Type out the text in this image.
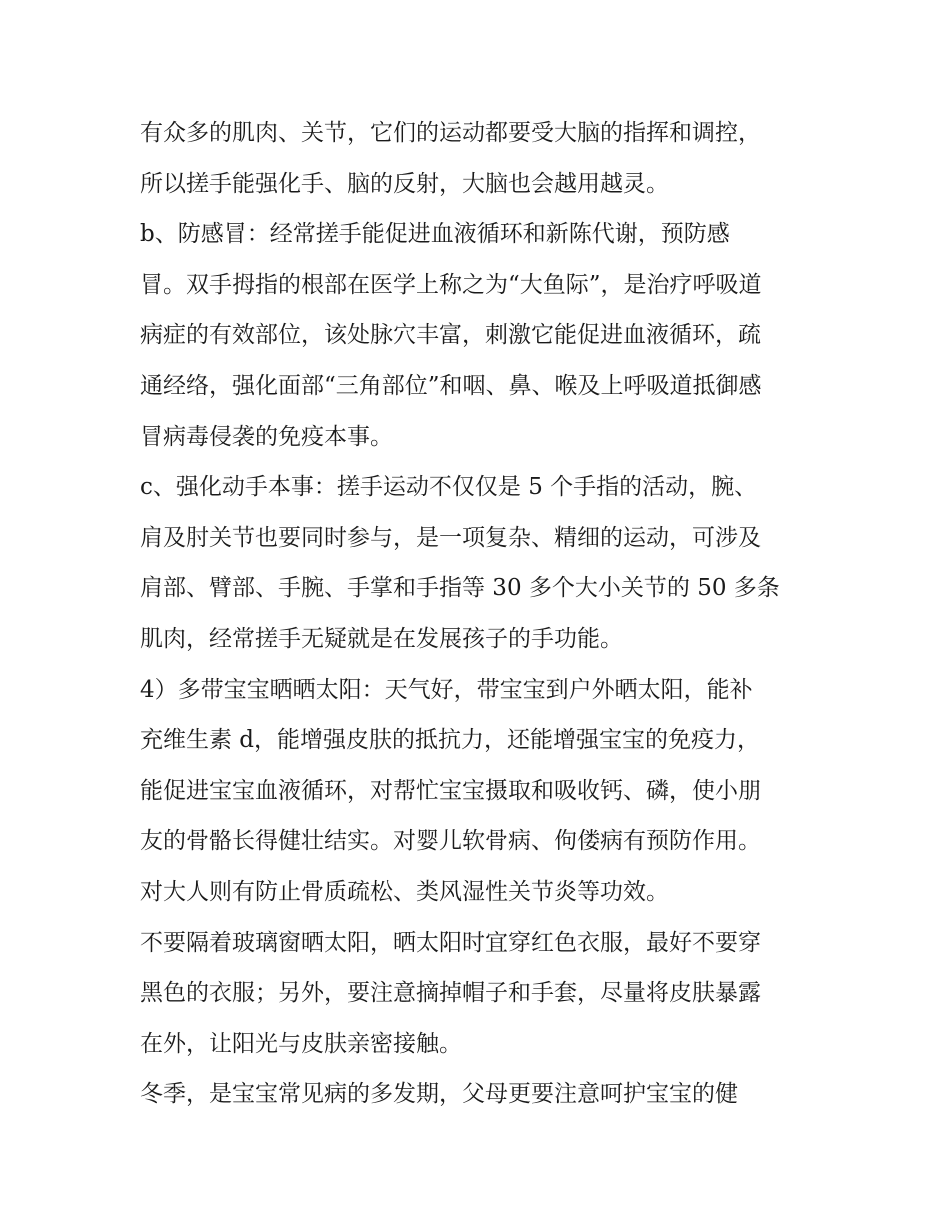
有众多的肌肉、关节，它们的运动都要受大脑的指挥和调控，
所以搓手能强化手、脑的反射，大脑也会越用越灵。
b、防感冒：经常搓手能促进血液循环和新陈代谢，预防感
冒。双手拇指的根部在医学上称之为“大鱼际”，是治疗呼吸道
病症的有效部位，该处脉穴丰富，刺激它能促进血液循环，疏
通经络，强化面部“三角部位”和咽、鼻、喉及上呼吸道抵御感
冒病毒侵袭的免疫本事。
c、强化动手本事：搓手运动不仅仅是 5 个手指的活动，腕、
肩及肘关节也要同时参与，是一项复杂、精细的运动，可涉及
肩部、臂部、手腕、手掌和手指等 30 多个大小关节的 50 多条
肌肉，经常搓手无疑就是在发展孩子的手功能。
4）多带宝宝晒晒太阳：天气好，带宝宝到户外晒太阳，能补
充维生素 d，能增强皮肤的抵抗力，还能增强宝宝的免疫力，
能促进宝宝血液循环，对帮忙宝宝摄取和吸收钙、磷，使小朋
友的骨骼长得健壮结实。对婴儿软骨病、佝偻病有预防作用。
对大人则有防止骨质疏松、类风湿性关节炎等功效。
不要隔着玻璃窗晒太阳，晒太阳时宜穿红色衣服，最好不要穿
黑色的衣服；另外，要注意摘掉帽子和手套，尽量将皮肤暴露
在外，让阳光与皮肤亲密接触。
冬季，是宝宝常见病的多发期，父母更要注意呵护宝宝的健
